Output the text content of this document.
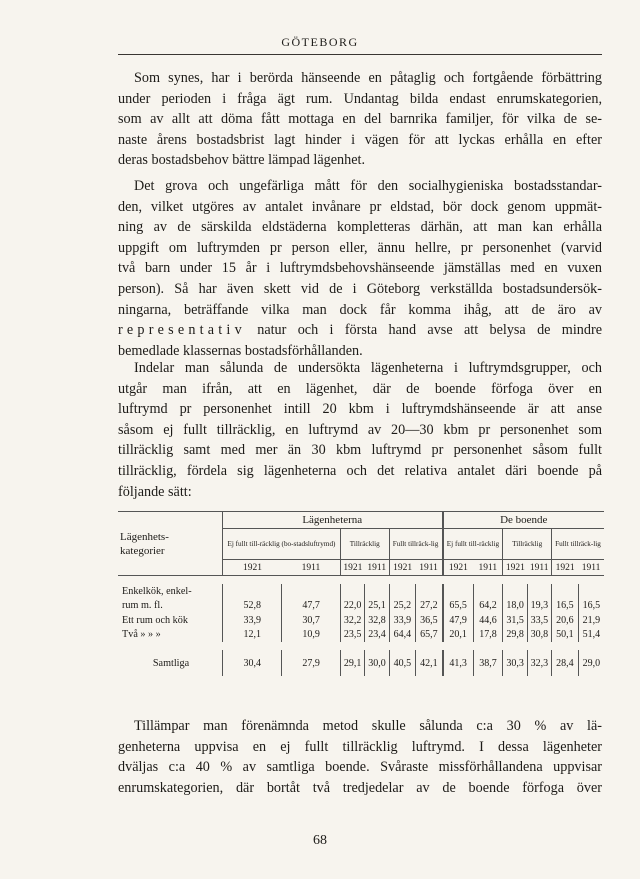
GÖTEBORG
Som synes, har i berörda hänseende en påtaglig och fortgående förbättring
under perioden i fråga ägt rum. Undantag bilda endast enrumskategorien,
som av allt att döma fått mottaga en del barnrika familjer, för vilka de se-
naste årens bostadsbrist lagt hinder i vägen för att lyckas erhålla en efter
deras bostadsbehov bättre lämpad lägenhet.
Det grova och ungefärliga mått för den socialhygieniska bostadsstandar-
den, vilket utgöres av antalet invånare pr eldstad, bör dock genom uppmät-
ning av de särskilda eldstäderna kompletteras därhän, att man kan erhålla
uppgift om luftrymden pr person eller, ännu hellre, pr personenhet (varvid
två barn under 15 år i luftrymdsbehovshänseende jämställas med en vuxen
person). Så har även skett vid de i Göteborg verkställda bostadsundersök-
ningarna, beträffande vilka man dock får komma ihåg, att de äro av
representativ natur och i första hand avse att belysa de mindre
bemedlade klassernas bostadsförhållanden.
Indelar man sålunda de undersökta lägenheterna i luftrymdsgrupper, och
utgår man ifrån, att en lägenhet, där de boende förfoga över en
luftrymd pr personenhet intill 20 kbm i luftrymdshänseende är att anse
såsom ej fullt tillräcklig, en luftrymd av 20—30 kbm pr personenhet som
tillräcklig samt med mer än 30 kbm luftrymd pr personenhet såsom fullt
tillräcklig, fördela sig lägenheterna och det relativa antalet däri boende på
följande sätt:
Lägenhets-
kategorier	Lägenheterna						De boende					
	Ej fullt till-räcklig (bo-stadsluftrymd)		Tillräcklig		Fullt tillräck-lig		Ej fullt till-räcklig		Tillräcklig		Fullt tillräck-lig	
	1921	1911	1921	1911	1921	1911	1921	1911	1921	1911	1921	1911

Enkelkök, enkel-												
rum m. fl.	52,8	47,7	22,0	25,1	25,2	27,2	65,5	64,2	18,0	19,3	16,5	16,5
Ett rum och kök	33,9	30,7	32,2	32,8	33,9	36,5	47,9	44,6	31,5	33,5	20,6	21,9
Två » » »	12,1	10,9	23,5	23,4	64,4	65,7	20,1	17,8	29,8	30,8	50,1	51,4

Samtliga	30,4	27,9	29,1	30,0	40,5	42,1	41,3	38,7	30,3	32,3	28,4	29,0
Tillämpar man förenämnda metod skulle sålunda c:a 30 % av lä-
genheterna uppvisa en ej fullt tillräcklig luftrymd. I dessa lägenheter
dväljas c:a 40 % av samtliga boende. Svåraste missförhållandena uppvisar
enrumskategorien, där bortåt två tredjedelar av de boende förfoga över
68
